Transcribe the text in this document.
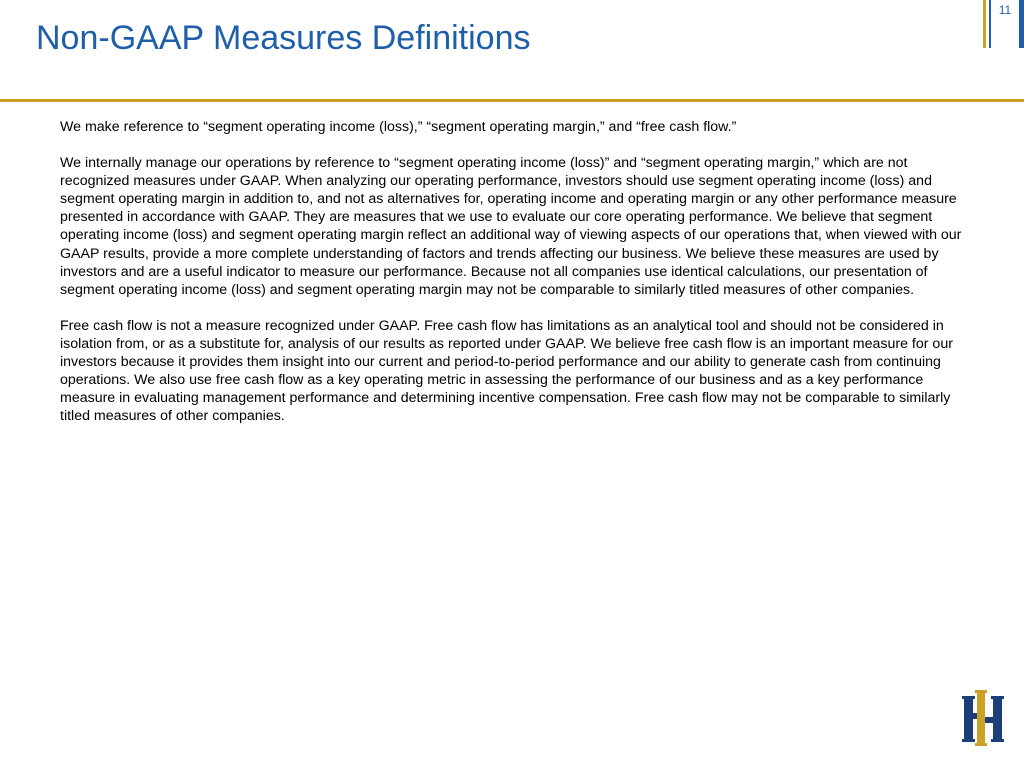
Non-GAAP Measures Definitions
11

We make reference to “segment operating income (loss),” “segment operating margin,” and “free cash flow.”

We internally manage our operations by reference to “segment operating income (loss)” and “segment operating margin,” which are not recognized measures under GAAP. When analyzing our operating performance, investors should use segment operating income (loss) and segment operating margin in addition to, and not as alternatives for, operating income and operating margin or any other performance measure presented in accordance with GAAP. They are measures that we use to evaluate our core operating performance. We believe that segment operating income (loss) and segment operating margin reflect an additional way of viewing aspects of our operations that, when viewed with our GAAP results, provide a more complete understanding of factors and trends affecting our business. We believe these measures are used by investors and are a useful indicator to measure our performance. Because not all companies use identical calculations, our presentation of segment operating income (loss) and segment operating margin may not be comparable to similarly titled measures of other companies.

Free cash flow is not a measure recognized under GAAP. Free cash flow has limitations as an analytical tool and should not be considered in isolation from, or as a substitute for, analysis of our results as reported under GAAP. We believe free cash flow is an important measure for our investors because it provides them insight into our current and period-to-period performance and our ability to generate cash from continuing operations. We also use free cash flow as a key operating metric in assessing the performance of our business and as a key performance measure in evaluating management performance and determining incentive compensation. Free cash flow may not be comparable to similarly titled measures of other companies.
